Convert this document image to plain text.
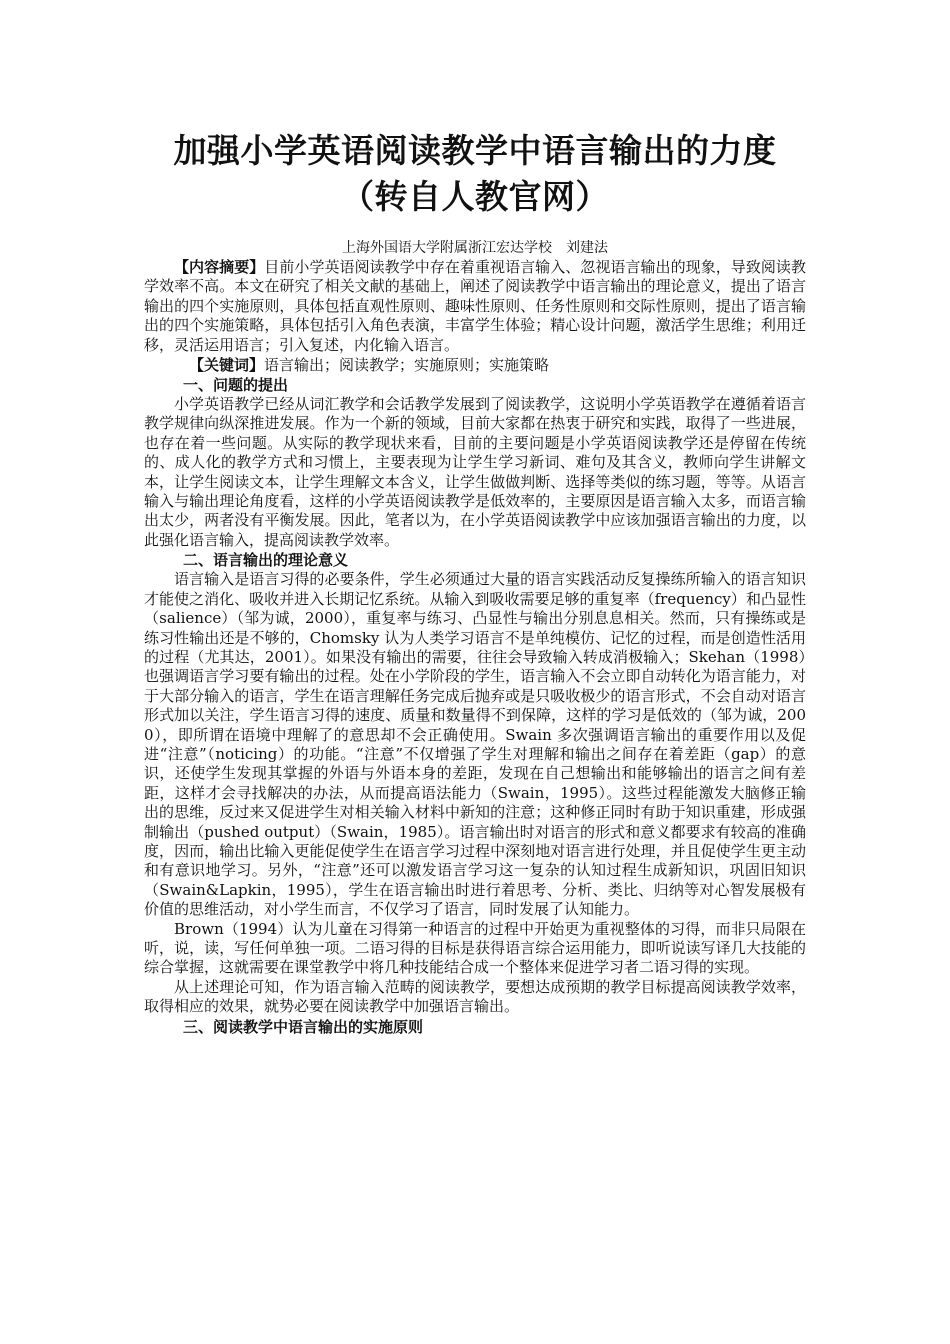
加强小学英语阅读教学中语言输出的力度
（转自人教官网）
上海外国语大学附属浙江宏达学校　刘建法

【内容摘要】目前小学英语阅读教学中存在着重视语言输入、忽视语言输出的现象，导致阅读教学效率不高。本文在研究了相关文献的基础上，阐述了阅读教学中语言输出的理论意义，提出了语言输出的四个实施原则，具体包括直观性原则、趣味性原则、任务性原则和交际性原则，提出了语言输出的四个实施策略，具体包括引入角色表演，丰富学生体验；精心设计问题，激活学生思维；利用迁移，灵活运用语言；引入复述，内化输入语言。

【关键词】语言输出；阅读教学；实施原则；实施策略

一、问题的提出

小学英语教学已经从词汇教学和会话教学发展到了阅读教学，这说明小学英语教学在遵循着语言教学规律向纵深推进发展。作为一个新的领域，目前大家都在热衷于研究和实践，取得了一些进展，也存在着一些问题。从实际的教学现状来看，目前的主要问题是小学英语阅读教学还是停留在传统的、成人化的教学方式和习惯上，主要表现为让学生学习新词、难句及其含义，教师向学生讲解文本，让学生阅读文本，让学生理解文本含义，让学生做做判断、选择等类似的练习题，等等。从语言输入与输出理论角度看，这样的小学英语阅读教学是低效率的，主要原因是语言输入太多，而语言输出太少，两者没有平衡发展。因此，笔者以为，在小学英语阅读教学中应该加强语言输出的力度，以此强化语言输入，提高阅读教学效率。

二、语言输出的理论意义

语言输入是语言习得的必要条件，学生必须通过大量的语言实践活动反复操练所输入的语言知识才能使之消化、吸收并进入长期记忆系统。从输入到吸收需要足够的重复率（frequency）和凸显性（salience）（邹为诚，2000），重复率与练习、凸显性与输出分别息息相关。然而，只有操练或是练习性输出还是不够的，Chomsky 认为人类学习语言不是单纯模仿、记忆的过程，而是创造性活用的过程（尤其达，2001）。如果没有输出的需要，往往会导致输入转成消极输入；Skehan（1998）也强调语言学习要有输出的过程。处在小学阶段的学生，语言输入不会立即自动转化为语言能力，对于大部分输入的语言，学生在语言理解任务完成后抛弃或是只吸收极少的语言形式，不会自动对语言形式加以关注，学生语言习得的速度、质量和数量得不到保障，这样的学习是低效的（邹为诚，2000），即所谓在语境中理解了的意思却不会正确使用。Swain 多次强调语言输出的重要作用以及促进“注意”（noticing）的功能。“注意”不仅增强了学生对理解和输出之间存在着差距（gap）的意识，还使学生发现其掌握的外语与外语本身的差距，发现在自己想输出和能够输出的语言之间有差距，这样才会寻找解决的办法，从而提高语法能力（Swain，1995）。这些过程能激发大脑修正输出的思维，反过来又促进学生对相关输入材料中新知的注意；这种修正同时有助于知识重建，形成强制输出（pushed output）（Swain，1985）。语言输出时对语言的形式和意义都要求有较高的准确度，因而，输出比输入更能促使学生在语言学习过程中深刻地对语言进行处理，并且促使学生更主动和有意识地学习。另外，“注意”还可以激发语言学习这一复杂的认知过程生成新知识，巩固旧知识（Swain&Lapkin，1995），学生在语言输出时进行着思考、分析、类比、归纳等对心智发展极有价值的思维活动，对小学生而言，不仅学习了语言，同时发展了认知能力。

Brown（1994）认为儿童在习得第一种语言的过程中开始更为重视整体的习得，而非只局限在听，说，读，写任何单独一项。二语习得的目标是获得语言综合运用能力，即听说读写译几大技能的综合掌握，这就需要在课堂教学中将几种技能结合成一个整体来促进学习者二语习得的实现。

从上述理论可知，作为语言输入范畴的阅读教学，要想达成预期的教学目标提高阅读教学效率，取得相应的效果，就势必要在阅读教学中加强语言输出。

三、阅读教学中语言输出的实施原则
